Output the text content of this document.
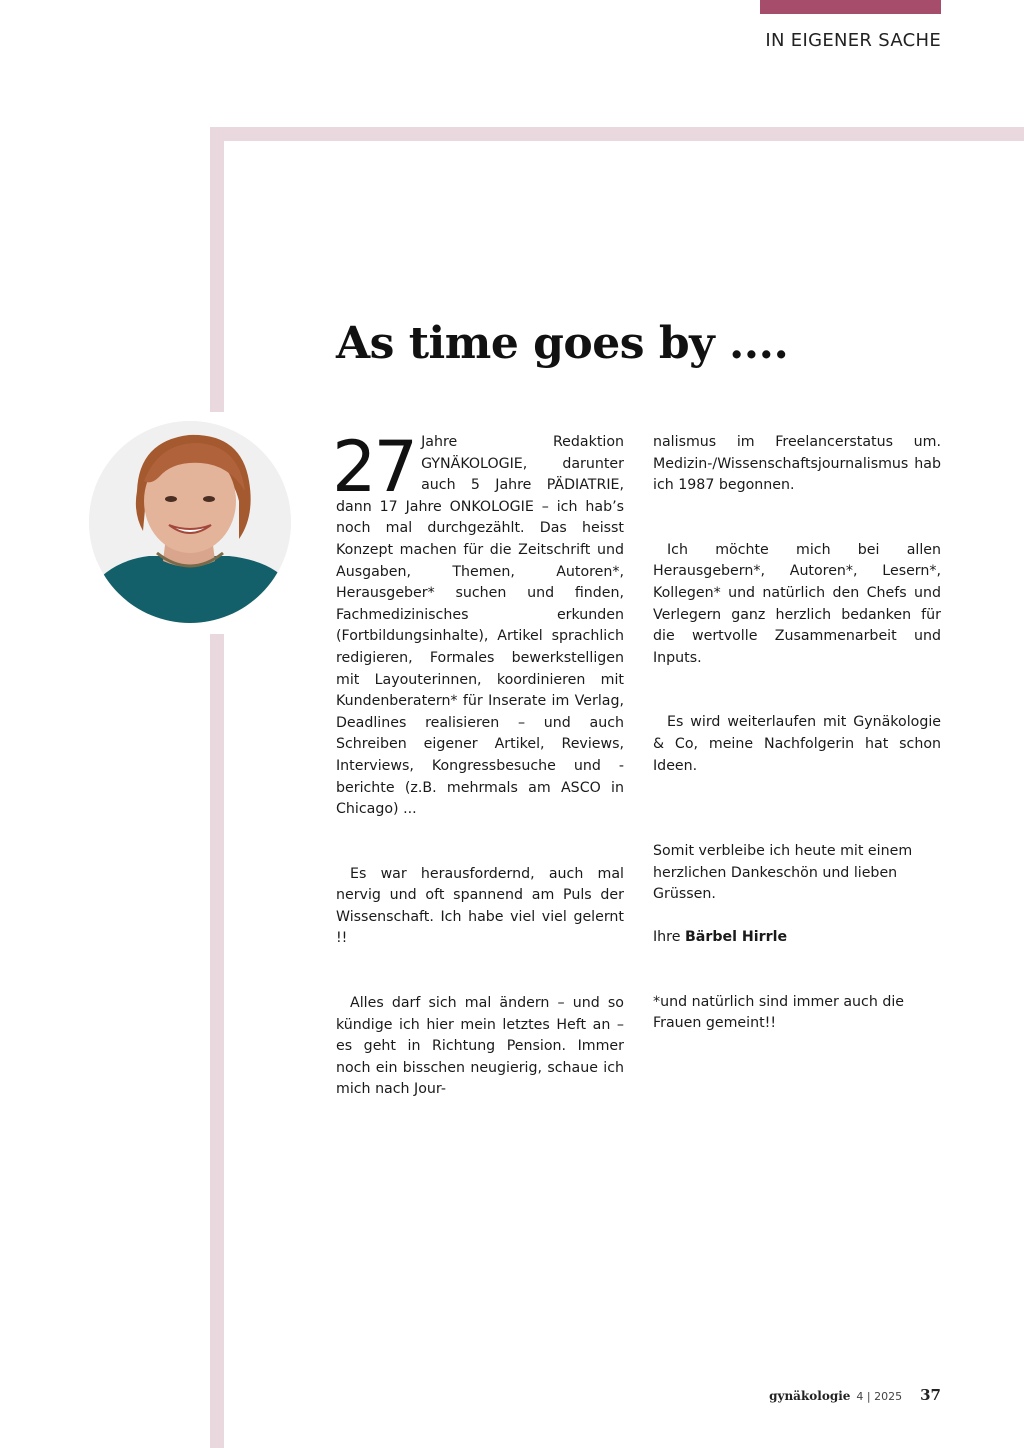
IN EIGENER SACHE
As time goes by ....

27 Jahre Redaktion GYNÄKOLOGIE, darunter auch 5 Jahre PÄDIATRIE, dann 17 Jahre ONKOLOGIE – ich hab’s noch mal durchgezählt. Das heisst Konzept machen für die Zeitschrift und Ausgaben, Themen, Autoren*, Herausgeber* suchen und finden, Fachmedizinisches erkunden (Fortbildungsinhalte), Artikel sprachlich redigieren, Formales bewerkstelligen mit Layouterinnen, koordinieren mit Kundenberatern* für Inserate im Verlag, Deadlines realisieren – und auch Schreiben eigener Artikel, Reviews, Interviews, Kongressbesuche und -berichte (z.B. mehrmals am ASCO in Chicago) ...

Es war herausfordernd, auch mal nervig und oft spannend am Puls der Wissenschaft. Ich habe viel viel gelernt !!

Alles darf sich mal ändern – und so kündige ich hier mein letztes Heft an – es geht in Richtung Pension. Immer noch ein bisschen neugierig, schaue ich mich nach Jour-

nalismus im Freelancerstatus um. Medizin-/Wissenschaftsjournalismus hab ich 1987 begonnen.

Ich möchte mich bei allen Herausgebern*, Autoren*, Lesern*, Kollegen* und natürlich den Chefs und Verlegern ganz herzlich bedanken für die wertvolle Zusammenarbeit und Inputs.

Es wird weiterlaufen mit Gynäkologie & Co, meine Nachfolgerin hat schon Ideen.

Somit verbleibe ich heute mit einem herzlichen Dankeschön und lieben Grüssen.

Ihre Bärbel Hirrle

*und natürlich sind immer auch die Frauen gemeint!!

gynäkologie 4 | 2025 37
